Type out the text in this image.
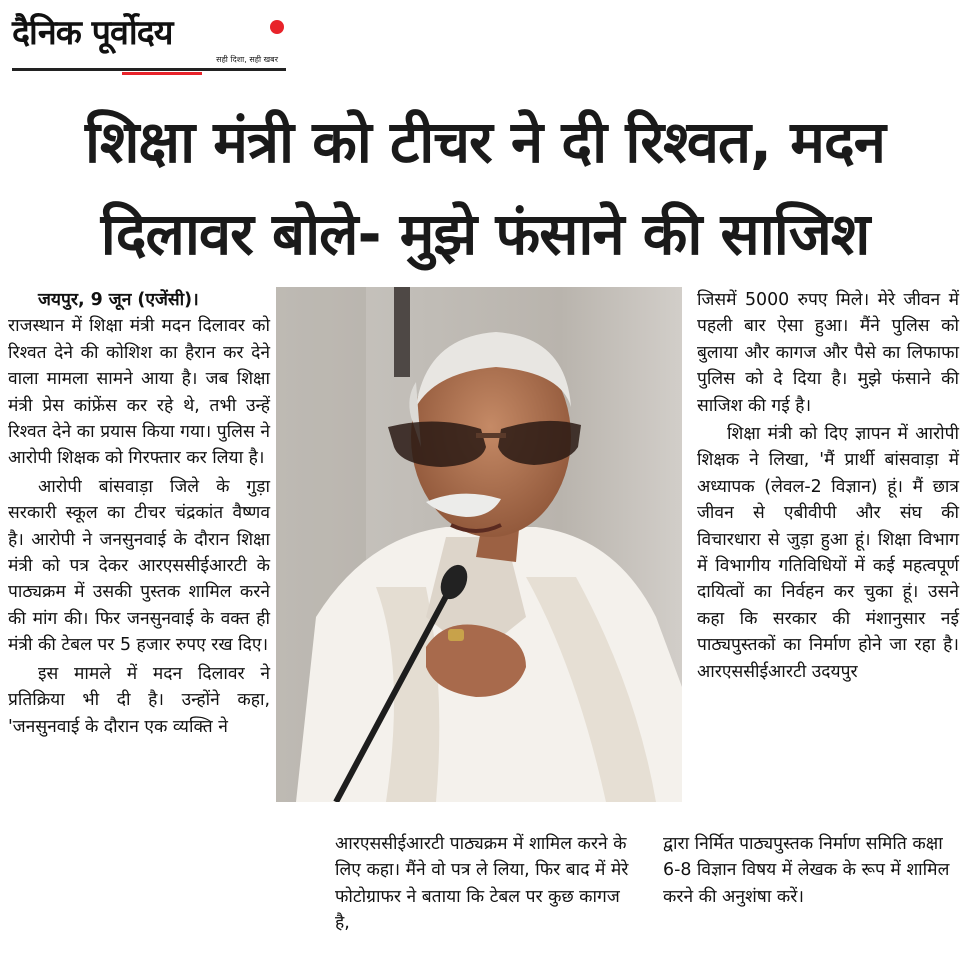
दैनिक पूर्वोदय
सही दिशा, सही खबर
शिक्षा मंत्री को टीचर ने दी रिश्वत, मदन
दिलावर बोले- मुझे फंसाने की साजिश

जयपुर, 9 जून (एजेंसी)।
राजस्थान में शिक्षा मंत्री मदन दिलावर को रिश्वत देने की कोशिश का हैरान कर देने वाला मामला सामने आया है। जब शिक्षा मंत्री प्रेस कांफ्रेंस कर रहे थे, तभी उन्हें रिश्वत देने का प्रयास किया गया। पुलिस ने आरोपी शिक्षक को गिरफ्तार कर लिया है।

आरोपी बांसवाड़ा जिले के गुड़ा सरकारी स्कूल का टीचर चंद्रकांत वैष्णव है। आरोपी ने जनसुनवाई के दौरान शिक्षा मंत्री को पत्र देकर आरएससीईआरटी के पाठ्यक्रम में उसकी पुस्तक शामिल करने की मांग की। फिर जनसुनवाई के वक्त ही मंत्री की टेबल पर 5 हजार रुपए रख दिए।

इस मामले में मदन दिलावर ने प्रतिक्रिया भी दी है। उन्होंने कहा, 'जनसुनवाई के दौरान एक व्यक्ति ने

आरएससीईआरटी पाठ्यक्रम में शामिल करने के लिए कहा। मैंने वो पत्र ले लिया, फिर बाद में मेरे फोटोग्राफर ने बताया कि टेबल पर कुछ कागज है,

जिसमें 5000 रुपए मिले। मेरे जीवन में पहली बार ऐसा हुआ। मैंने पुलिस को बुलाया और कागज और पैसे का लिफाफा पुलिस को दे दिया है। मुझे फंसाने की साजिश की गई है।

शिक्षा मंत्री को दिए ज्ञापन में आरोपी शिक्षक ने लिखा, 'मैं प्रार्थी बांसवाड़ा में अध्यापक (लेवल-2 विज्ञान) हूं। मैं छात्र जीवन से एबीवीपी और संघ की विचारधारा से जुड़ा हुआ हूं। शिक्षा विभाग में विभागीय गतिविधियों में कई महत्वपूर्ण दायित्वों का निर्वहन कर चुका हूं। उसने कहा कि सरकार की मंशानुसार नई पाठ्यपुस्तकों का निर्माण होने जा रहा है। आरएससीईआरटी उदयपुर

द्वारा निर्मित पाठ्यपुस्तक निर्माण समिति कक्षा 6-8 विज्ञान विषय में लेखक के रूप में शामिल करने की अनुशंषा करें।
